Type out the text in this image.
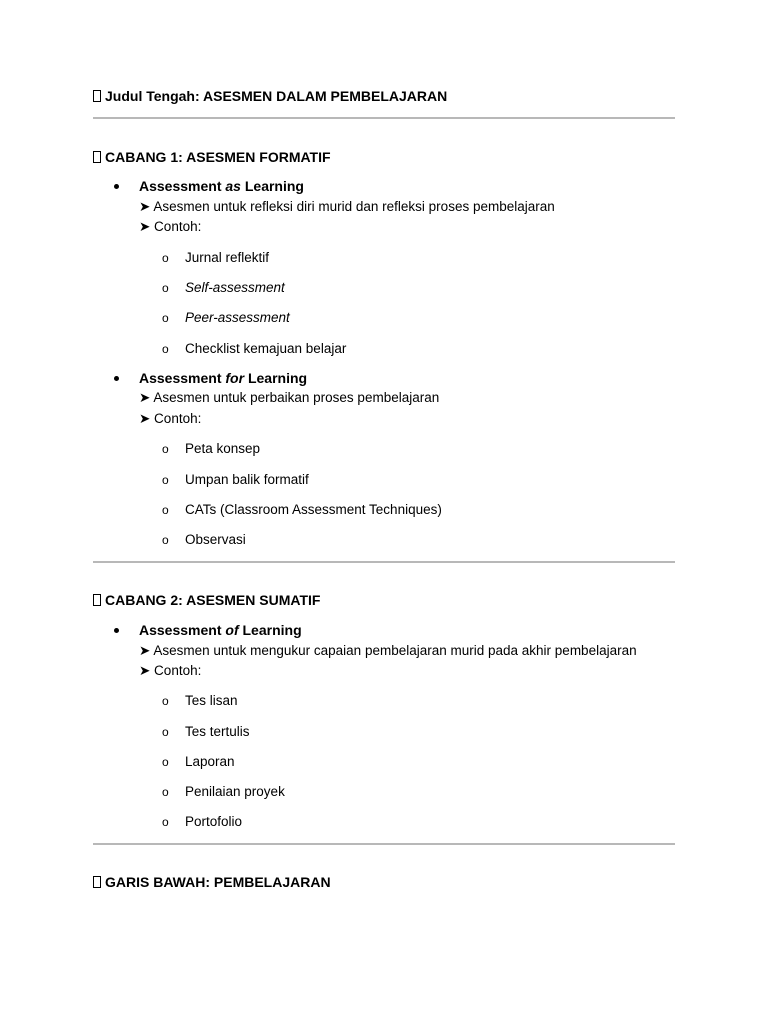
Judul Tengah: ASESMEN DALAM PEMBELAJARAN
CABANG 1: ASESMEN FORMATIF
Assessment as Learning
➤ Asesmen untuk refleksi diri murid dan refleksi proses pembelajaran
➤ Contoh:
o Jurnal reflektif
o Self-assessment
o Peer-assessment
o Checklist kemajuan belajar
Assessment for Learning
➤ Asesmen untuk perbaikan proses pembelajaran
➤ Contoh:
o Peta konsep
o Umpan balik formatif
o CATs (Classroom Assessment Techniques)
o Observasi
CABANG 2: ASESMEN SUMATIF
Assessment of Learning
➤ Asesmen untuk mengukur capaian pembelajaran murid pada akhir pembelajaran
➤ Contoh:
o Tes lisan
o Tes tertulis
o Laporan
o Penilaian proyek
o Portofolio
GARIS BAWAH: PEMBELAJARAN
